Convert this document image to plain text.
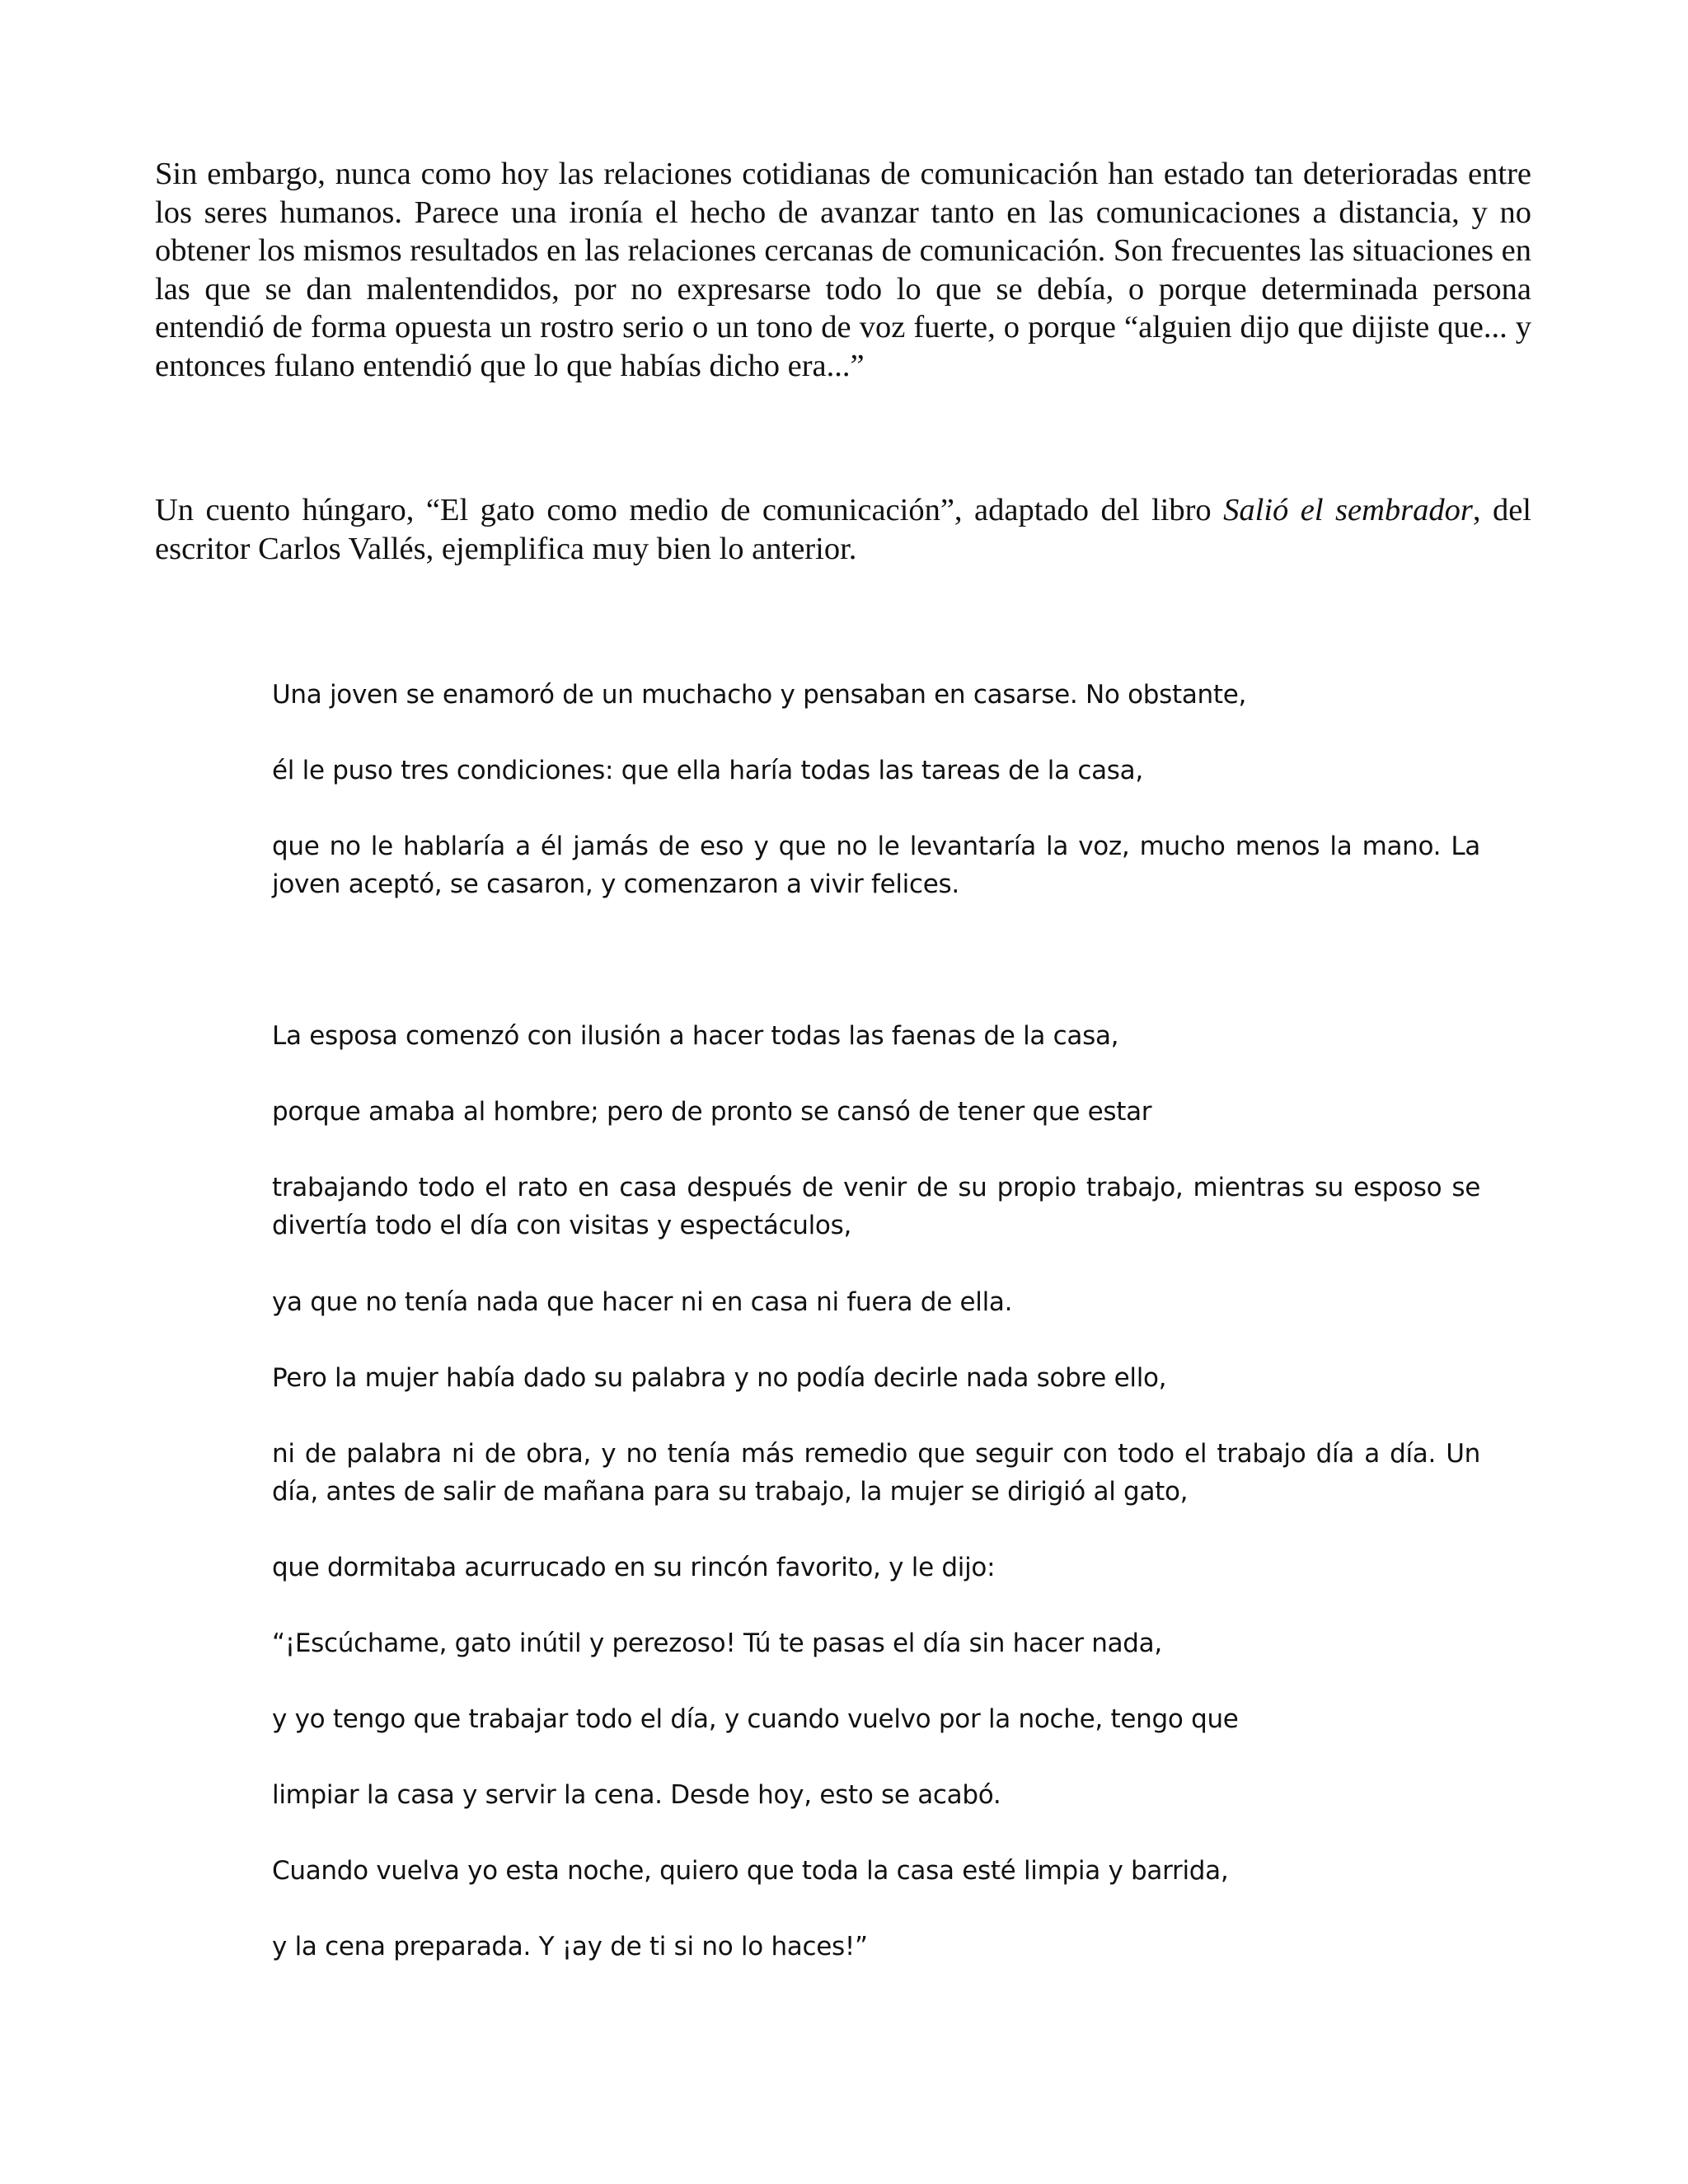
Sin embargo, nunca como hoy las relaciones cotidianas de comunicación han estado tan deterioradas entre los seres humanos. Parece una ironía el hecho de avanzar tanto en las comunicaciones a distancia, y no obtener los mismos resultados en las relaciones cercanas de comunicación. Son frecuentes las situaciones en las que se dan malentendidos, por no expresarse todo lo que se debía, o porque determinada persona entendió de forma opuesta un rostro serio o un tono de voz fuerte, o porque “alguien dijo que dijiste que... y entonces fulano entendió que lo que habías dicho era...”

Un cuento húngaro, “El gato como medio de comunicación”, adaptado del libro Salió el sembrador, del escritor Carlos Vallés, ejemplifica muy bien lo anterior.

Una joven se enamoró de un muchacho y pensaban en casarse. No obstante,

él le puso tres condiciones: que ella haría todas las tareas de la casa,

que no le hablaría a él jamás de eso y que no le levantaría la voz, mucho menos la mano. La joven aceptó, se casaron, y comenzaron a vivir felices.

La esposa comenzó con ilusión a hacer todas las faenas de la casa,

porque amaba al hombre; pero de pronto se cansó de tener que estar

trabajando todo el rato en casa después de venir de su propio trabajo, mientras su esposo se divertía todo el día con visitas y espectáculos,

ya que no tenía nada que hacer ni en casa ni fuera de ella.

Pero la mujer había dado su palabra y no podía decirle nada sobre ello,

ni de palabra ni de obra, y no tenía más remedio que seguir con todo el trabajo día a día. Un día, antes de salir de mañana para su trabajo, la mujer se dirigió al gato,

que dormitaba acurrucado en su rincón favorito, y le dijo:

“¡Escúchame, gato inútil y perezoso! Tú te pasas el día sin hacer nada,

y yo tengo que trabajar todo el día, y cuando vuelvo por la noche, tengo que

limpiar la casa y servir la cena. Desde hoy, esto se acabó.

Cuando vuelva yo esta noche, quiero que toda la casa esté limpia y barrida,

y la cena preparada. Y ¡ay de ti si no lo haces!”
